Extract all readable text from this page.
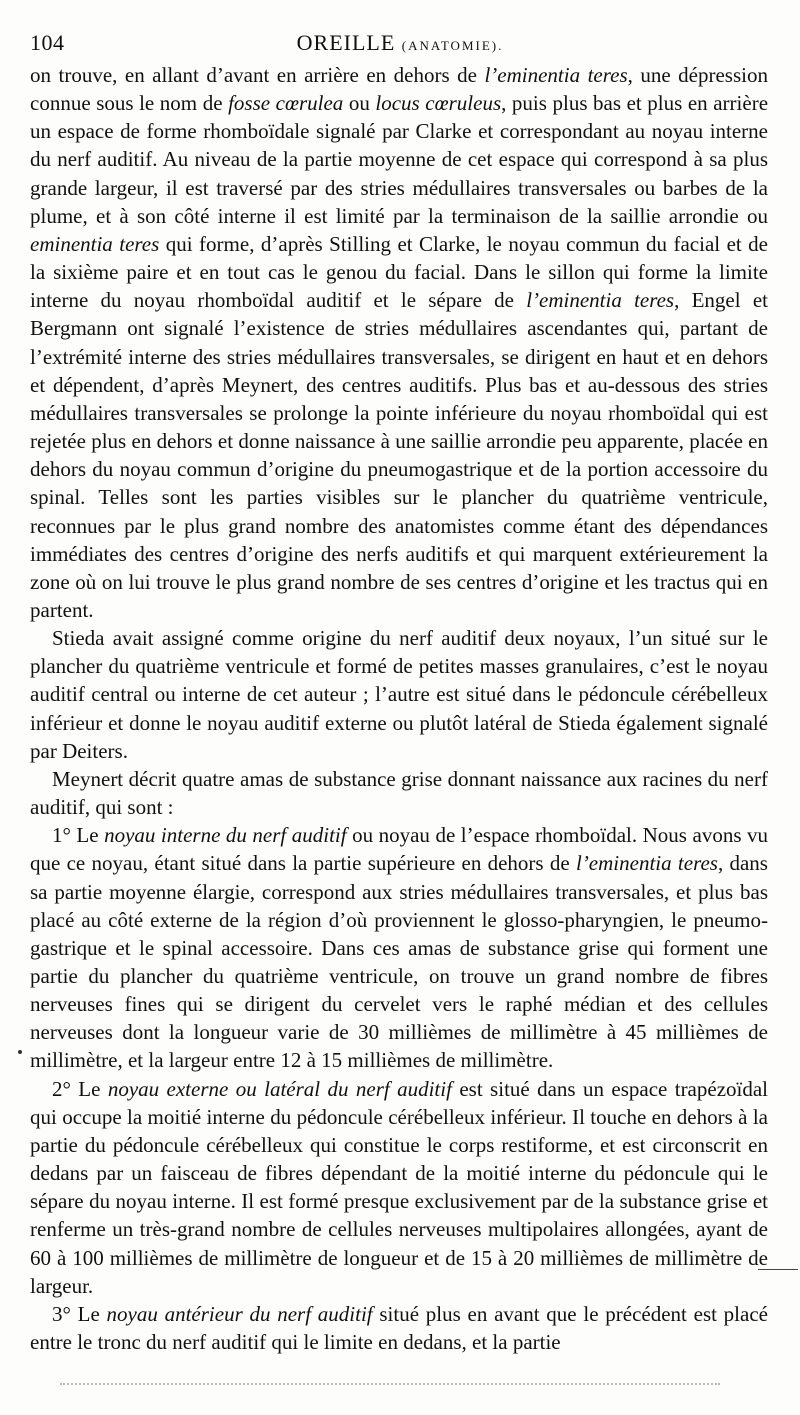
104	OREILLE (ANATOMIE).

on trouve, en allant d’avant en arrière en dehors de l’eminentia teres, une dépression connue sous le nom de fosse cœrulea ou locus cœruleus, puis plus bas et plus en arrière un espace de forme rhomboïdale signalé par Clarke et correspondant au noyau interne du nerf auditif. Au niveau de la partie moyenne de cet espace qui correspond à sa plus grande largeur, il est traversé par des stries médullaires transversales ou barbes de la plume, et à son côté interne il est limité par la terminaison de la saillie arrondie ou eminentia teres qui forme, d’après Stilling et Clarke, le noyau commun du facial et de la sixième paire et en tout cas le genou du facial. Dans le sillon qui forme la limite interne du noyau rhomboïdal auditif et le sépare de l’eminentia teres, Engel et Bergmann ont signalé l’existence de stries médullaires ascendantes qui, partant de l’extrémité interne des stries médullaires transversales, se dirigent en haut et en dehors et dépendent, d’après Meynert, des centres auditifs. Plus bas et au-dessous des stries médullaires transversales se prolonge la pointe inférieure du noyau rhomboïdal qui est rejetée plus en dehors et donne naissance à une saillie arrondie peu apparente, placée en dehors du noyau commun d’origine du pneumogastrique et de la portion accessoire du spinal. Telles sont les parties visibles sur le plancher du quatrième ventricule, reconnues par le plus grand nombre des anatomistes comme étant des dépendances immédiates des centres d’origine des nerfs auditifs et qui marquent extérieurement la zone où on lui trouve le plus grand nombre de ses centres d’origine et les tractus qui en partent.

Stieda avait assigné comme origine du nerf auditif deux noyaux, l’un situé sur le plancher du quatrième ventricule et formé de petites masses granulaires, c’est le noyau auditif central ou interne de cet auteur ; l’autre est situé dans le pédoncule cérébelleux inférieur et donne le noyau auditif externe ou plutôt latéral de Stieda également signalé par Deiters.

Meynert décrit quatre amas de substance grise donnant naissance aux racines du nerf auditif, qui sont :

1° Le noyau interne du nerf auditif ou noyau de l’espace rhomboïdal. Nous avons vu que ce noyau, étant situé dans la partie supérieure en dehors de l’eminentia teres, dans sa partie moyenne élargie, correspond aux stries médullaires transversales, et plus bas placé au côté externe de la région d’où proviennent le glosso-pharyngien, le pneumo-gastrique et le spinal accessoire. Dans ces amas de substance grise qui forment une partie du plancher du quatrième ventricule, on trouve un grand nombre de fibres nerveuses fines qui se dirigent du cervelet vers le raphé médian et des cellules nerveuses dont la longueur varie de 30 millièmes de millimètre à 45 millièmes de millimètre, et la largeur entre 12 à 15 millièmes de millimètre.

2° Le noyau externe ou latéral du nerf auditif est situé dans un espace trapézoïdal qui occupe la moitié interne du pédoncule cérébelleux inférieur. Il touche en dehors à la partie du pédoncule cérébelleux qui constitue le corps restiforme, et est circonscrit en dedans par un faisceau de fibres dépendant de la moitié interne du pédoncule qui le sépare du noyau interne. Il est formé presque exclusivement par de la substance grise et renferme un très-grand nombre de cellules nerveuses multipolaires allongées, ayant de 60 à 100 millièmes de millimètre de longueur et de 15 à 20 millièmes de millimètre de largeur.

3° Le noyau antérieur du nerf auditif situé plus en avant que le précédent est placé entre le tronc du nerf auditif qui le limite en dedans, et la partie
